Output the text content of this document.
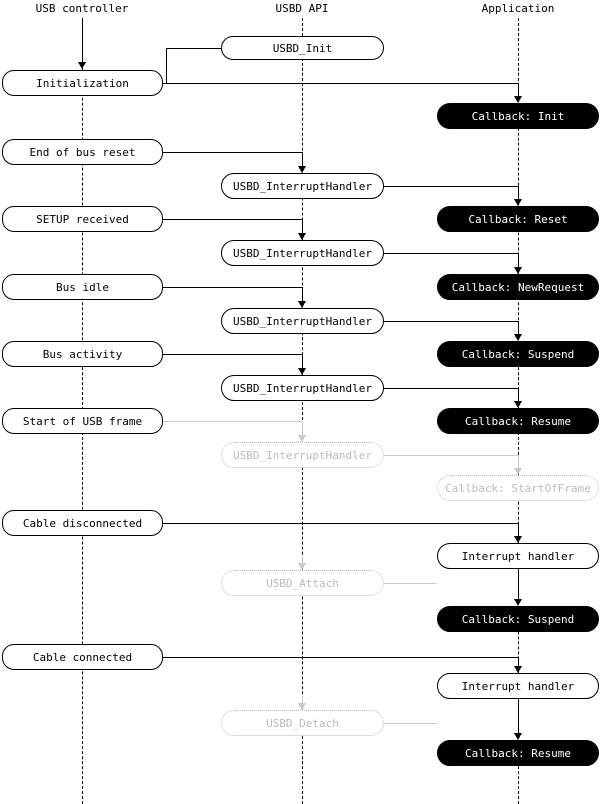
USB controller	USBD API	Application
USBD_Init
Initialization
Callback: Init
End of bus reset
USBD_InterruptHandler
SETUP received	Callback: Reset
USBD_InterruptHandler
Bus idle	Callback: NewRequest
USBD_InterruptHandler
Bus activity	Callback: Suspend
USBD_InterruptHandler
Start of USB frame	Callback: Resume
USBD_InterruptHandler
Callback: StartOfFrame
Cable disconnected
Interrupt handler
USBD_Attach
Callback: Suspend
Cable connected
Interrupt handler
USBD_Detach
Callback: Resume
